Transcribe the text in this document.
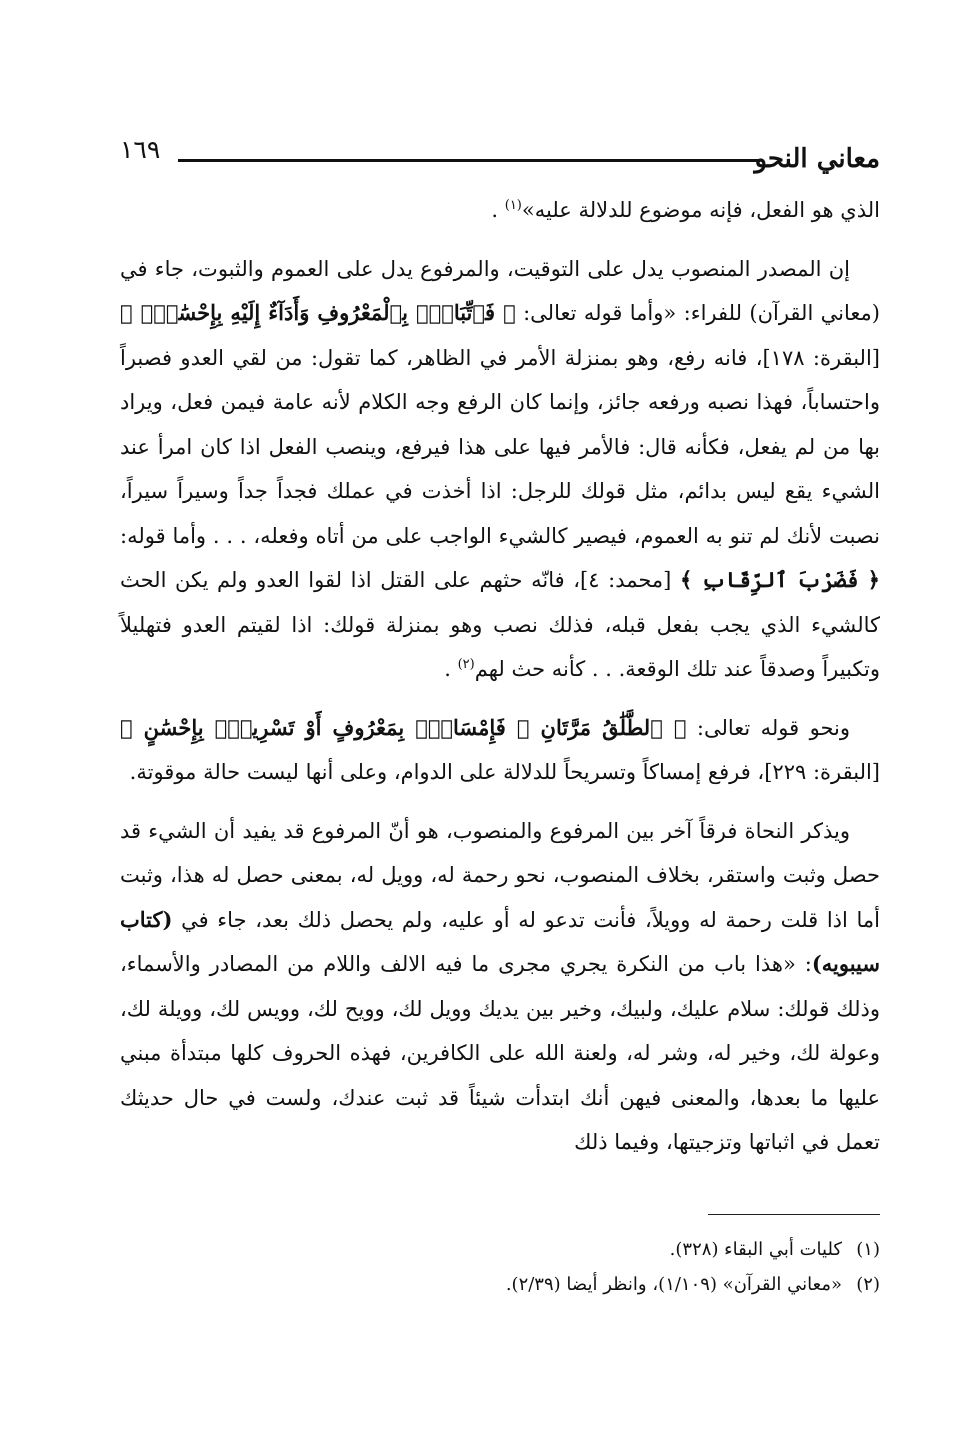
معاني النحو
١٦٩

الذي هو الفعل، فإنه موضوع للدلالة عليه»$^{(١)}$ .

إن المصدر المنصوب يدل على التوقيت، والمرفوع يدل على العموم والثبوت، جاء في (معاني القرآن) للفراء: «وأما قوله تعالى: ﴿ فَٱتِّبَاعٌۢ بِٱلْمَعْرُوفِ وَأَدَآءٌ إِلَيْهِ بِإِحْسَٰنٍۢ ﴾ [البقرة: ١٧٨]، فانه رفع، وهو بمنزلة الأمر في الظاهر، كما تقول: من لقي العدو فصبراً واحتساباً، فهذا نصبه ورفعه جائز، وإنما كان الرفع وجه الكلام لأنه عامة فيمن فعل، ويراد بها من لم يفعل، فكأنه قال: فالأمر فيها على هذا فيرفع، وينصب الفعل اذا كان امرأ عند الشيء يقع ليس بدائم، مثل قولك للرجل: اذا أخذت في عملك فجداً جداً وسيراً سيراً، نصبت لأنك لم تنو به العموم، فيصير كالشيء الواجب على من أتاه وفعله، . . . وأما قوله: ﴿ فَضَرْبَ ٱلرِّقَابِ ﴾ [محمد: ٤]، فانّه حثهم على القتل اذا لقوا العدو ولم يكن الحث كالشيء الذي يجب بفعل قبله، فذلك نصب وهو بمنزلة قولك: اذا لقيتم العدو فتهليلاً وتكبيراً وصدقاً عند تلك الوقعة. . . كأنه حث لهم$^{(٢)}$ .

ونحو قوله تعالى: ﴿ ٱلطَّلَٰقُ مَرَّتَانِ ۖ فَإِمْسَاكٌۢ بِمَعْرُوفٍ أَوْ تَسْرِيحٌۢ بِإِحْسَٰنٍ ﴾ [البقرة: ٢٢٩]، فرفع إمساكاً وتسريحاً للدلالة على الدوام، وعلى أنها ليست حالة موقوتة.

ويذكر النحاة فرقاً آخر بين المرفوع والمنصوب، هو أنّ المرفوع قد يفيد أن الشيء قد حصل وثبت واستقر، بخلاف المنصوب، نحو رحمة له، وويل له، بمعنى حصل له هذا، وثبت أما اذا قلت رحمة له وويلاً، فأنت تدعو له أو عليه، ولم يحصل ذلك بعد، جاء في (كتاب سيبويه): «هذا باب من النكرة يجري مجرى ما فيه الالف واللام من المصادر والأسماء، وذلك قولك: سلام عليك، ولبيك، وخير بين يديك وويل لك، وويح لك، وويس لك، وويلة لك، وعولة لك، وخير له، وشر له، ولعنة الله على الكافرين، فهذه الحروف كلها مبتدأة مبني عليها ما بعدها، والمعنى فيهن أنك ابتدأت شيئاً قد ثبت عندك، ولست في حال حديثك تعمل في اثباتها وتزجيتها، وفيما ذلك

(١)كليات أبي البقاء (٣٢٨).

(٢)«معاني القرآن» (١/١٠٩)، وانظر أيضا (٢/٣٩).
